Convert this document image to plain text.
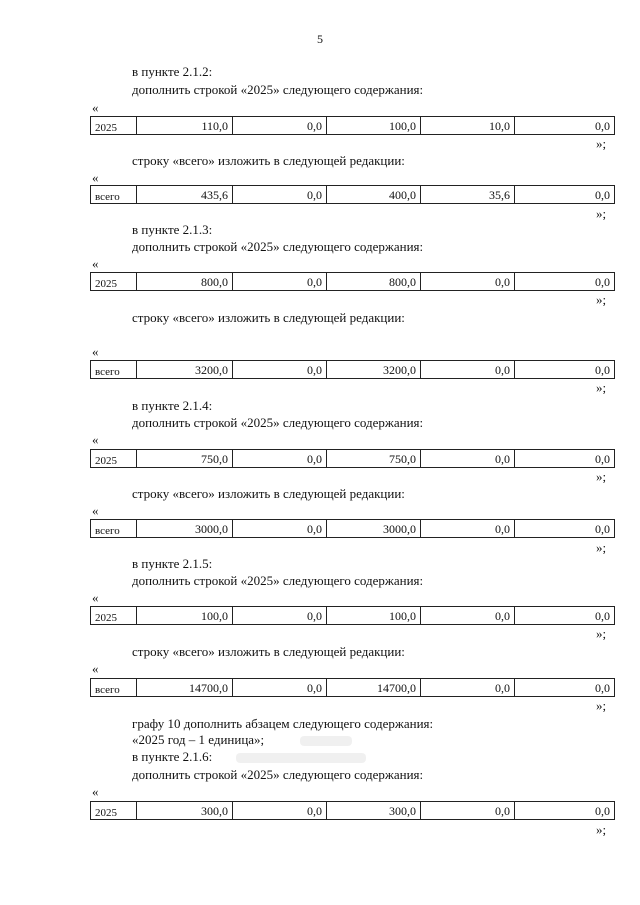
5
в пункте 2.1.2:
дополнить строкой «2025» следующего содержания:
«
2025	110,0	0,0	100,0	10,0	0,0
»;
строку «всего» изложить в следующей редакции:
«
всего	435,6	0,0	400,0	35,6	0,0
»;
в пункте 2.1.3:
дополнить строкой «2025» следующего содержания:
«
2025	800,0	0,0	800,0	0,0	0,0
»;
строку «всего» изложить в следующей редакции:
«
всего	3200,0	0,0	3200,0	0,0	0,0
»;
в пункте 2.1.4:
дополнить строкой «2025» следующего содержания:
«
2025	750,0	0,0	750,0	0,0	0,0
»;
строку «всего» изложить в следующей редакции:
«
всего	3000,0	0,0	3000,0	0,0	0,0
»;
в пункте 2.1.5:
дополнить строкой «2025» следующего содержания:
«
2025	100,0	0,0	100,0	0,0	0,0
»;
строку «всего» изложить в следующей редакции:
«
всего	14700,0	0,0	14700,0	0,0	0,0
»;
графу 10 дополнить абзацем следующего содержания:
«2025 год – 1 единица»;
в пункте 2.1.6:
дополнить строкой «2025» следующего содержания:
«
2025	300,0	0,0	300,0	0,0	0,0
»;
